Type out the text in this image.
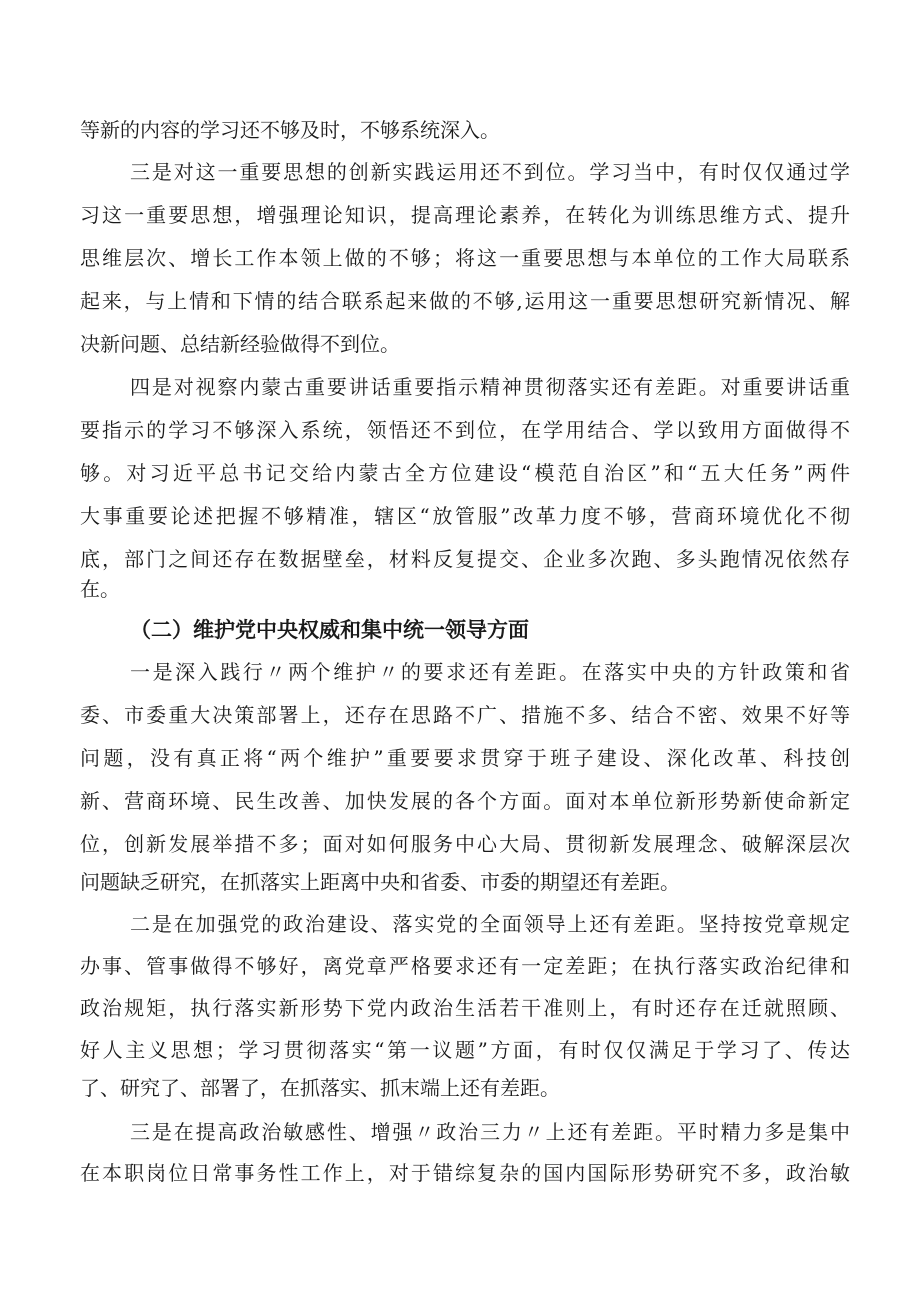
等新的内容的学习还不够及时，不够系统深入。
三是对这一重要思想的创新实践运用还不到位。学习当中，有时仅仅通过学
习这一重要思想，增强理论知识，提高理论素养，在转化为训练思维方式、提升
思维层次、增长工作本领上做的不够；将这一重要思想与本单位的工作大局联系
起来，与上情和下情的结合联系起来做的不够,运用这一重要思想研究新情况、解
决新问题、总结新经验做得不到位。
四是对视察内蒙古重要讲话重要指示精神贯彻落实还有差距。对重要讲话重
要指示的学习不够深入系统，领悟还不到位，在学用结合、学以致用方面做得不
够。对习近平总书记交给内蒙古全方位建设“模范自治区”和“五大任务”两件
大事重要论述把握不够精准，辖区“放管服”改革力度不够，营商环境优化不彻
底，部门之间还存在数据壁垒，材料反复提交、企业多次跑、多头跑情况依然存
在。
（二）维护党中央权威和集中统一领导方面
一是深入践行〃两个维护〃的要求还有差距。在落实中央的方针政策和省
委、市委重大决策部署上，还存在思路不广、措施不多、结合不密、效果不好等
问题，没有真正将“两个维护”重要要求贯穿于班子建设、深化改革、科技创
新、营商环境、民生改善、加快发展的各个方面。面对本单位新形势新使命新定
位，创新发展举措不多；面对如何服务中心大局、贯彻新发展理念、破解深层次
问题缺乏研究，在抓落实上距离中央和省委、市委的期望还有差距。
二是在加强党的政治建设、落实党的全面领导上还有差距。坚持按党章规定
办事、管事做得不够好，离党章严格要求还有一定差距；在执行落实政治纪律和
政治规矩，执行落实新形势下党内政治生活若干准则上，有时还存在迁就照顾、
好人主义思想；学习贯彻落实“第一议题”方面，有时仅仅满足于学习了、传达
了、研究了、部署了，在抓落实、抓末端上还有差距。
三是在提高政治敏感性、增强〃政治三力〃上还有差距。平时精力多是集中
在本职岗位日常事务性工作上，对于错综复杂的国内国际形势研究不多，政治敏
